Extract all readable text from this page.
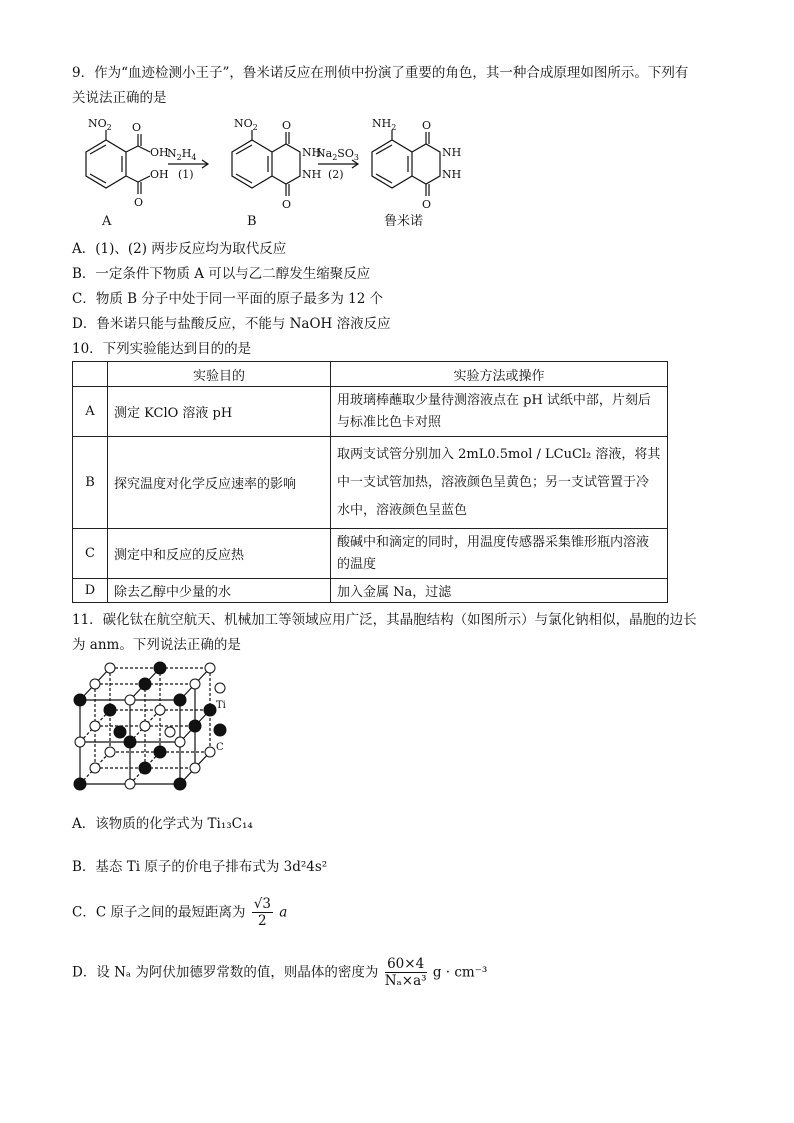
9．作为“血迹检测小王子”，鲁米诺反应在刑侦中扮演了重要的角色，其一种合成原理如图所示。下列有
关说法正确的是
$NO_2$ O
OH
OH
O
$NO_2$ O
NH
NH
O
$NH_2$ O
NH
NH
O
$N_2H_4$
(1)
$Na_2SO_3$
(2)
A	B	鲁米诺
A．(1)、(2) 两步反应均为取代反应
B．一定条件下物质 A 可以与乙二醇发生缩聚反应
C．物质 B 分子中处于同一平面的原子最多为 12 个
D．鲁米诺只能与盐酸反应，不能与 NaOH 溶液反应
10．下列实验能达到目的的是
	实验目的	实验方法或操作
A	测定 KClO 溶液 pH	用玻璃棒蘸取少量待测溶液点在 pH 试纸中部，片刻后与标准比色卡对照
B	探究温度对化学反应速率的影响	取两支试管分别加入 2mL0.5mol / LCuCl₂ 溶液，将其中一支试管加热，溶液颜色呈黄色；另一支试管置于冷水中，溶液颜色呈蓝色
C	测定中和反应的反应热	酸碱中和滴定的同时，用温度传感器采集锥形瓶内溶液的温度
D	除去乙醇中少量的水	加入金属 Na，过滤
11．碳化钛在航空航天、机械加工等领域应用广泛，其晶胞结构（如图所示）与氯化钠相似，晶胞的边长
为 anm。下列说法正确的是
Ti
C
A．该物质的化学式为 Ti₁₃C₁₄
B．基态 Ti 原子的价电子排布式为 3d²4s²
C．C 原子之间的最短距离为 $\frac{√3}{2}$ a
D．设 Nₐ 为阿伏加德罗常数的值，则晶体的密度为 $\frac{60\times 4}{\text{Nₐ×a³}}$ g · cm⁻³
